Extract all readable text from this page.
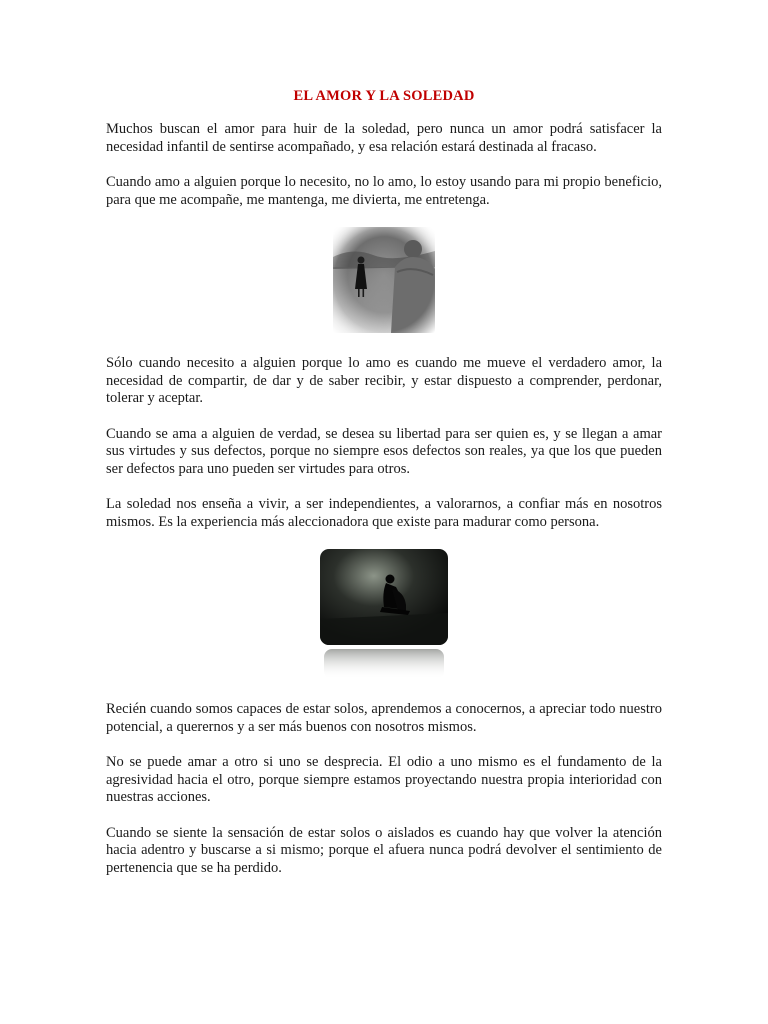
EL AMOR Y LA SOLEDAD

Muchos buscan el amor para huir de la soledad, pero nunca un amor podrá satisfacer la necesidad infantil de sentirse acompañado, y esa relación estará destinada al fracaso.

Cuando amo a alguien porque lo necesito, no lo amo, lo estoy usando para mi propio beneficio, para que me acompañe, me mantenga, me divierta, me entretenga.

Sólo cuando necesito a alguien porque lo amo es cuando me mueve el verdadero amor, la necesidad de compartir, de dar y de saber recibir, y estar dispuesto a comprender, perdonar, tolerar y aceptar.

Cuando se ama a alguien de verdad, se desea su libertad para ser quien es, y se llegan a amar sus virtudes y sus defectos, porque no siempre esos defectos son reales, ya que los que pueden ser defectos para uno pueden ser virtudes para otros.

La soledad nos enseña a vivir, a ser independientes, a valorarnos, a confiar más en nosotros mismos. Es la experiencia más aleccionadora que existe para madurar como persona.

Recién cuando somos capaces de estar solos, aprendemos a conocernos, a apreciar todo nuestro potencial, a querernos y a ser más buenos con nosotros mismos.

No se puede amar a otro si uno se desprecia. El odio a uno mismo es el fundamento de la agresividad hacia el otro, porque siempre estamos proyectando nuestra propia interioridad con nuestras acciones.

Cuando se siente la sensación de estar solos o aislados es cuando hay que volver la atención hacia adentro y buscarse a si mismo; porque el afuera nunca podrá devolver el sentimiento de pertenencia que se ha perdido.
